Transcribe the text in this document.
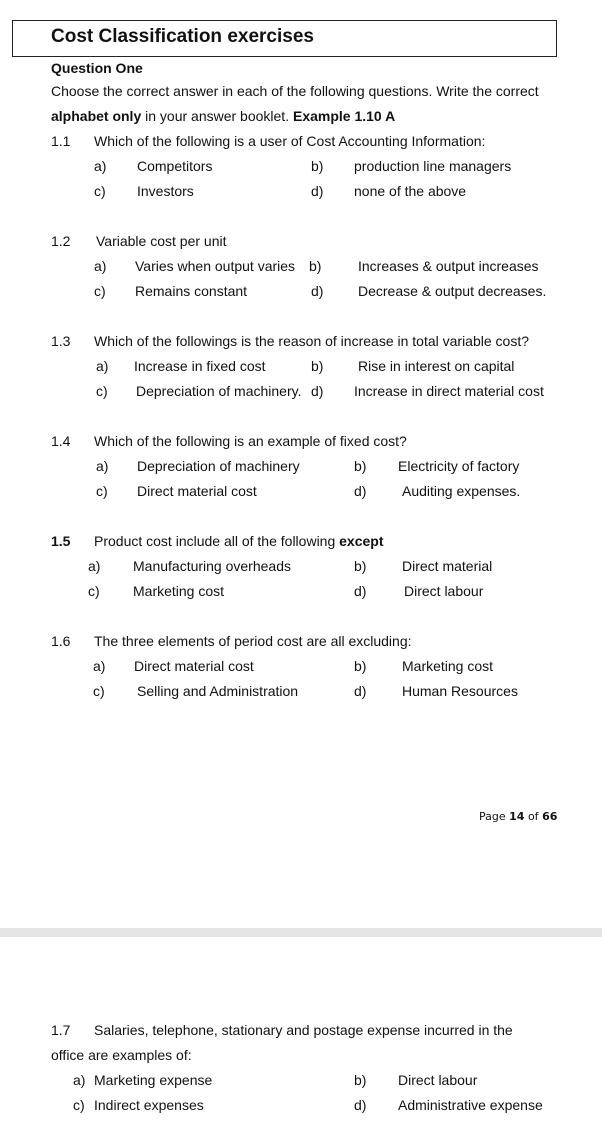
Cost Classification exercises
Question One
Choose the correct answer in each of the following questions. Write the correct
alphabet only in your answer booklet. Example 1.10 A
1.1 Which of the following is a user of Cost Accounting Information:
a) Competitors	b) production line managers
c) Investors	d) none of the above
1.2 Variable cost per unit
a) Varies when output varies b)	Increases & output increases
c) Remains constant	d) Decrease & output decreases.
1.3 Which of the followings is the reason of increase in total variable cost?
a) Increase in fixed cost	b) Rise in interest on capital
c) Depreciation of machinery. d) Increase in direct material cost
1.4 Which of the following is an example of fixed cost?
a) Depreciation of machinery	b) Electricity of factory
c) Direct material cost	d)	Auditing expenses.
1.5 Product cost include all of the following except
a) Manufacturing overheads	b)	Direct material
c) Marketing cost	d)	Direct labour
1.6 The three elements of period cost are all excluding:
a) Direct material cost	b)	Marketing cost
c) Selling and Administration	d)	Human Resources
Page 14 of 66
1.7 Salaries, telephone, stationary and postage expense incurred in the
office are examples of:
a) Marketing expense	b) Direct labour
c) Indirect expenses	d) Administrative expense
